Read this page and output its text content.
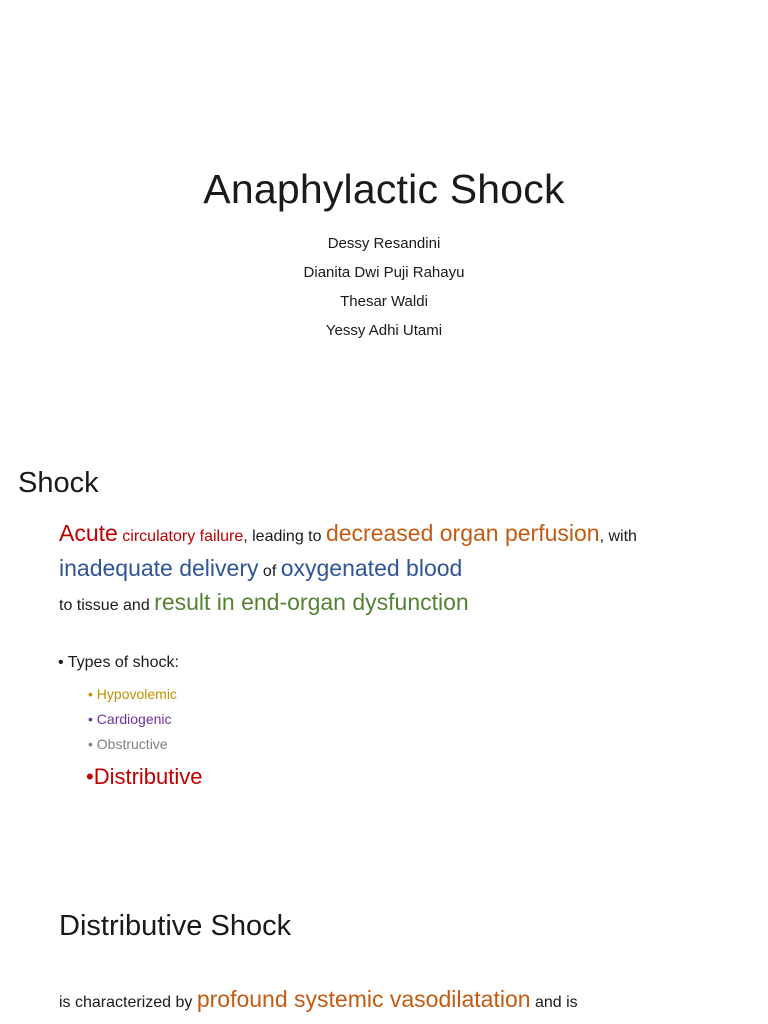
Anaphylactic Shock
Dessy Resandini
Dianita Dwi Puji Rahayu
Thesar Waldi
Yessy Adhi Utami
Shock
Acute circulatory failure, leading to decreased organ perfusion, with inadequate delivery of oxygenated blood
to tissue and result in end-organ dysfunction
• Types of shock:
• Hypovolemic
• Cardiogenic
• Obstructive
•Distributive
Distributive Shock
is characterized by profound systemic vasodilatation and is
